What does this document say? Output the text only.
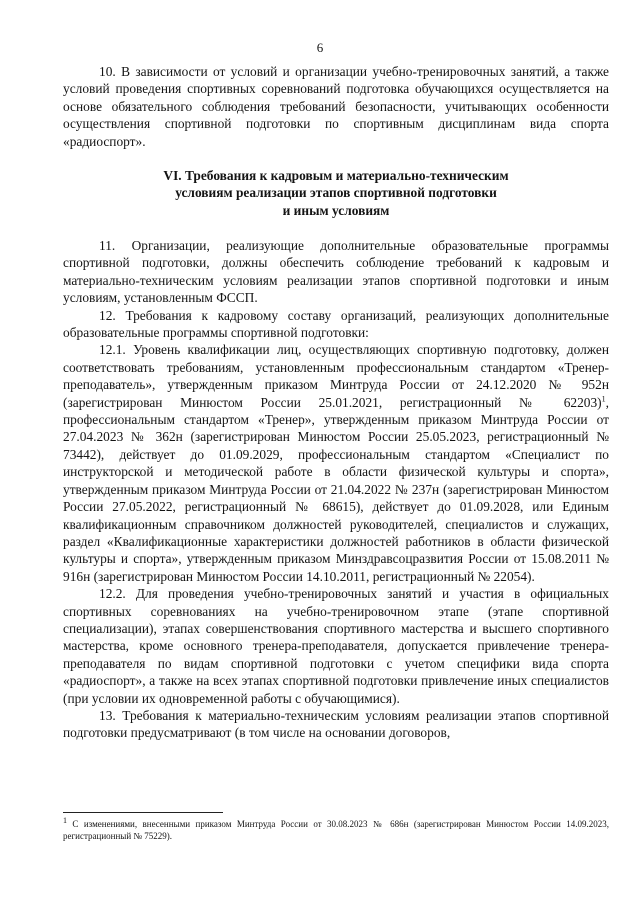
6

10. В зависимости от условий и организации учебно-тренировочных занятий, а также условий проведения спортивных соревнований подготовка обучающихся осуществляется на основе обязательного соблюдения требований безопасности, учитывающих особенности осуществления спортивной подготовки по спортивным дисциплинам вида спорта «радиоспорт».

VI. Требования к кадровым и материально-техническим
условиям реализации этапов спортивной подготовки
и иным условиям

11. Организации, реализующие дополнительные образовательные программы спортивной подготовки, должны обеспечить соблюдение требований к кадровым и материально-техническим условиям реализации этапов спортивной подготовки и иным условиям, установленным ФССП.

12. Требования к кадровому составу организаций, реализующих дополнительные образовательные программы спортивной подготовки:

12.1. Уровень квалификации лиц, осуществляющих спортивную подготовку, должен соответствовать требованиям, установленным профессиональным стандартом «Тренер-преподаватель», утвержденным приказом Минтруда России от 24.12.2020 № 952н (зарегистрирован Минюстом России 25.01.2021, регистрационный № 62203)$^1$, профессиональным стандартом «Тренер», утвержденным приказом Минтруда России от 27.04.2023 № 362н (зарегистрирован Минюстом России 25.05.2023, регистрационный № 73442), действует до 01.09.2029, профессиональным стандартом «Специалист по инструкторской и методической работе в области физической культуры и спорта», утвержденным приказом Минтруда России от 21.04.2022 № 237н (зарегистрирован Минюстом России 27.05.2022, регистрационный № 68615), действует до 01.09.2028, или Единым квалификационным справочником должностей руководителей, специалистов и служащих, раздел «Квалификационные характеристики должностей работников в области физической культуры и спорта», утвержденным приказом Минздравсоцразвития России от 15.08.2011 № 916н (зарегистрирован Минюстом России 14.10.2011, регистрационный № 22054).

12.2. Для проведения учебно-тренировочных занятий и участия в официальных спортивных соревнованиях на учебно-тренировочном этапе (этапе спортивной специализации), этапах совершенствования спортивного мастерства и высшего спортивного мастерства, кроме основного тренера-преподавателя, допускается привлечение тренера-преподавателя по видам спортивной подготовки с учетом специфики вида спорта «радиоспорт», а также на всех этапах спортивной подготовки привлечение иных специалистов (при условии их одновременной работы с обучающимися).

13. Требования к материально-техническим условиям реализации этапов спортивной подготовки предусматривают (в том числе на основании договоров,

$^1$ С изменениями, внесенными приказом Минтруда России от 30.08.2023 № 686н (зарегистрирован Минюстом России 14.09.2023, регистрационный № 75229).
